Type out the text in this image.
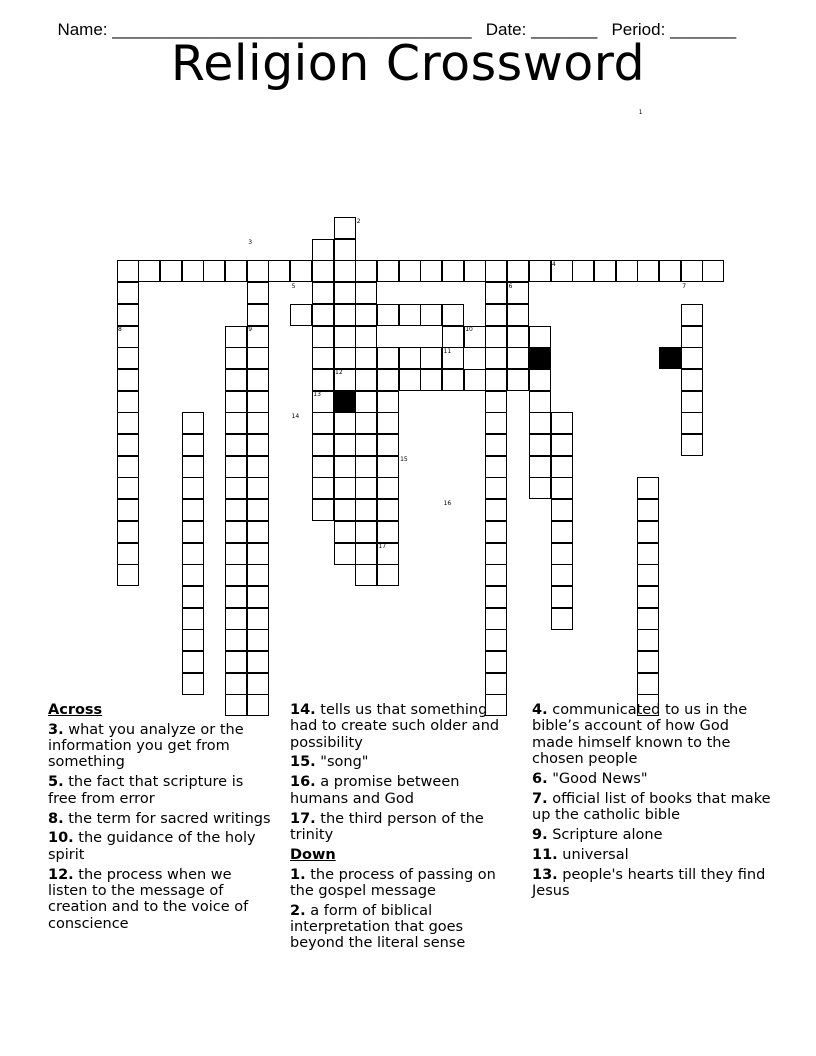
Name: ______________________________________ Date: _______ Period: _______

Religion Crossword
1
2
3
4
5	6	7
8	9	10
11
12
13
14
15
16
17
Across
3. what you analyze or the information you get from something
5. the fact that scripture is free from error
8. the term for sacred writings
10. the guidance of the holy spirit
12. the process when we listen to the message of creation and to the voice of conscience
14. tells us that something had to create such older and possibility
15. "song"
16. a promise between humans and God
17. the third person of the trinity
Down
1. the process of passing on the gospel message
2. a form of biblical interpretation that goes beyond the literal sense
4. communicated to us in the bible’s account of how God made himself known to the chosen people
6. "Good News"
7. official list of books that make up the catholic bible
9. Scripture alone
11. universal
13. people's hearts till they find Jesus
